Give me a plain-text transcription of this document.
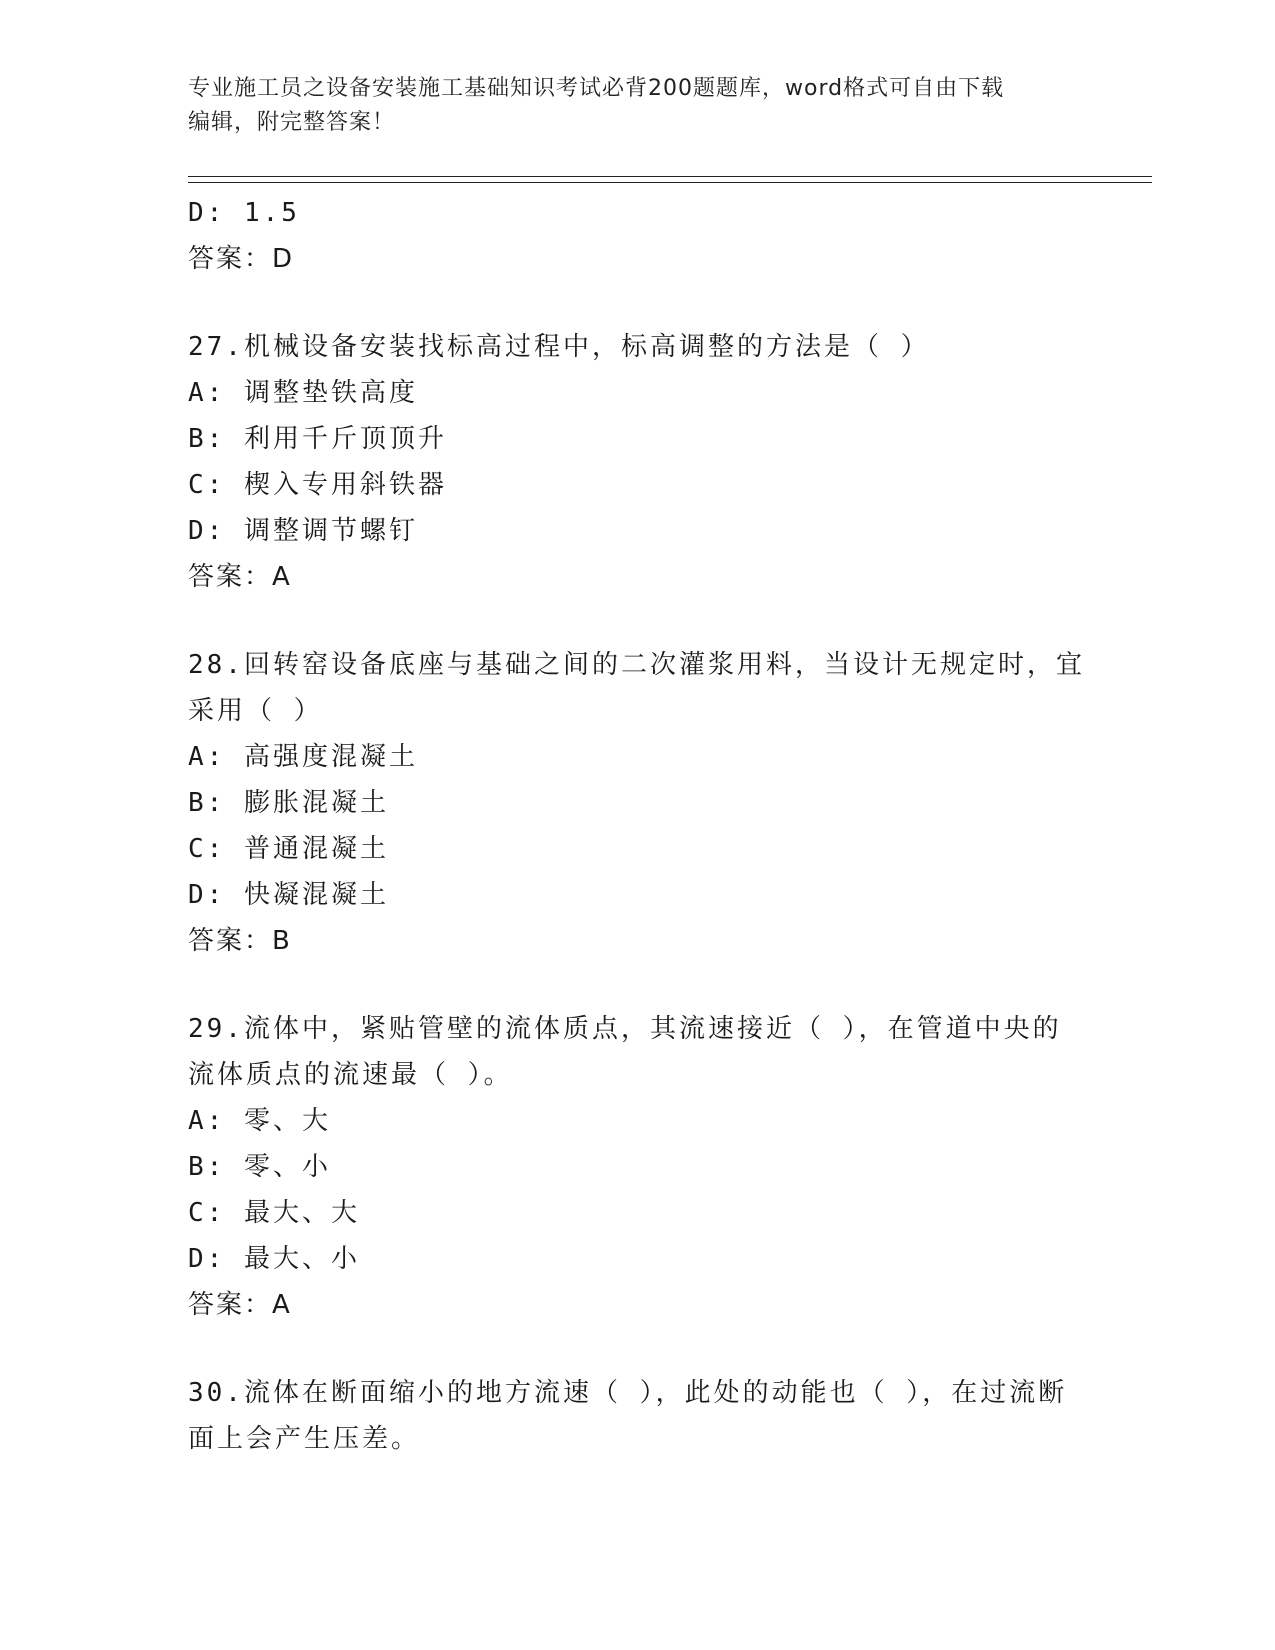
专业施工员之设备安装施工基础知识考试必背200题题库，word格式可自由下载
编辑，附完整答案！
D: 1.5
答案：D
27.机械设备安装找标高过程中，标高调整的方法是（ ）
A: 调整垫铁高度
B: 利用千斤顶顶升
C: 楔入专用斜铁器
D: 调整调节螺钉
答案：A
28.回转窑设备底座与基础之间的二次灌浆用料，当设计无规定时，宜
采用（ ）
A: 高强度混凝土
B: 膨胀混凝土
C: 普通混凝土
D: 快凝混凝土
答案：B
29.流体中，紧贴管壁的流体质点，其流速接近（ ），在管道中央的
流体质点的流速最（ ）。
A: 零、大
B: 零、小
C: 最大、大
D: 最大、小
答案：A
30.流体在断面缩小的地方流速（ ），此处的动能也（ ），在过流断
面上会产生压差。
